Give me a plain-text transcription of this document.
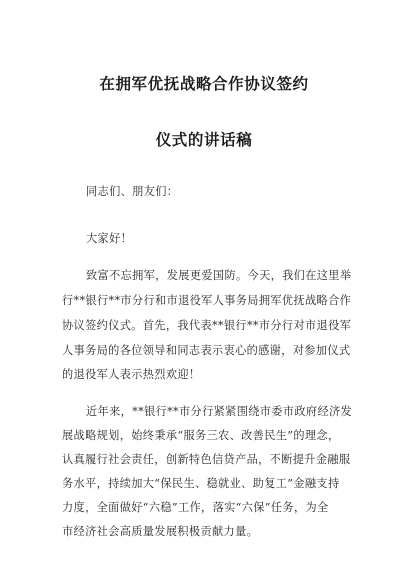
在拥军优抚战略合作协议签约
仪式的讲话稿
同志们、朋友们：
大家好！
致富不忘拥军，发展更爱国防。今天，我们在这里举
行**银行**市分行和市退役军人事务局拥军优抚战略合作
协议签约仪式。首先，我代表**银行**市分行对市退役军
人事务局的各位领导和同志表示衷心的感谢，对参加仪式
的退役军人表示热烈欢迎！
近年来，**银行**市分行紧紧围绕市委市政府经济发
展战略规划，始终秉承“服务三农、改善民生”的理念，
认真履行社会责任，创新特色信贷产品，不断提升金融服
务水平，持续加大“保民生、稳就业、助复工”金融支持
力度，全面做好“六稳”工作，落实“六保”任务，为全
市经济社会高质量发展积极贡献力量。
